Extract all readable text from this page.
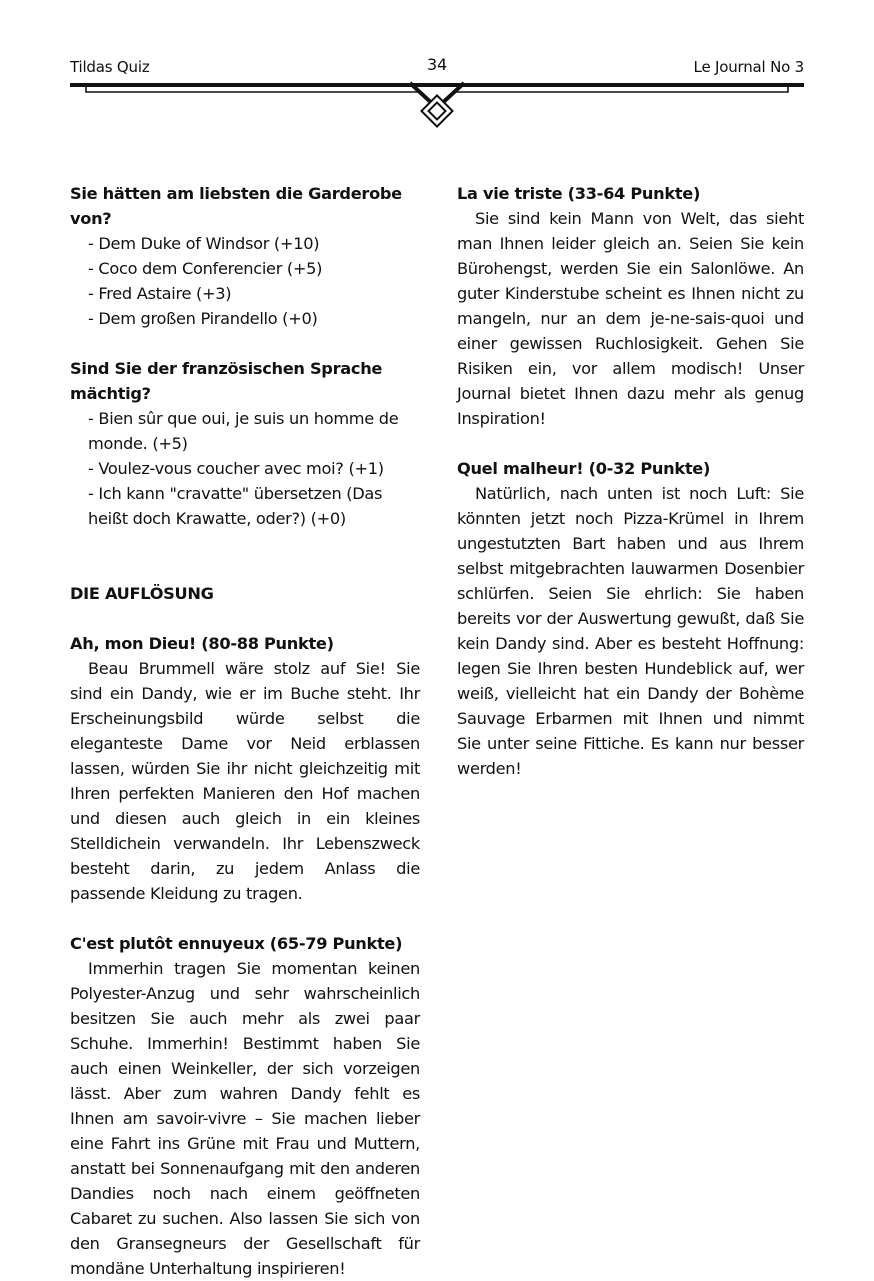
Tildas Quiz	34	Le Journal No 3

Sie hätten am liebsten die Garderobe von?

- Dem Duke of Windsor (+10)

- Coco dem Conferencier (+5)

- Fred Astaire (+3)

- Dem großen Pirandello (+0)

Sind Sie der französischen Sprache mächtig?

- Bien sûr que oui, je suis un homme de monde. (+5)

- Voulez-vous coucher avec moi? (+1)

- Ich kann "cravatte" übersetzen (Das heißt doch Krawatte, oder?) (+0)

DIE AUFLÖSUNG

Ah, mon Dieu! (80-88 Punkte)

Beau Brummell wäre stolz auf Sie! Sie sind ein Dandy, wie er im Buche steht. Ihr Erscheinungsbild würde selbst die eleganteste Dame vor Neid erblassen lassen, würden Sie ihr nicht gleichzeitig mit Ihren perfekten Manieren den Hof machen und diesen auch gleich in ein kleines Stelldichein verwandeln. Ihr Lebenszweck besteht darin, zu jedem Anlass die passende Kleidung zu tragen.

C'est plutôt ennuyeux (65-79 Punkte)

Immerhin tragen Sie momentan keinen Polyester-Anzug und sehr wahrscheinlich besitzen Sie auch mehr als zwei paar Schuhe. Immerhin! Bestimmt haben Sie auch einen Weinkeller, der sich vorzeigen lässt. Aber zum wahren Dandy fehlt es Ihnen am savoir-vivre – Sie machen lieber eine Fahrt ins Grüne mit Frau und Muttern, anstatt bei Sonnenaufgang mit den anderen Dandies noch nach einem geöffneten Cabaret zu suchen. Also lassen Sie sich von den Gransegneurs der Gesellschaft für mondäne Unterhaltung inspirieren!

La vie triste (33-64 Punkte)

Sie sind kein Mann von Welt, das sieht man Ihnen leider gleich an. Seien Sie kein Bürohengst, werden Sie ein Salonlöwe. An guter Kinderstube scheint es Ihnen nicht zu mangeln, nur an dem je-ne-sais-quoi und einer gewissen Ruchlosigkeit. Gehen Sie Risiken ein, vor allem modisch! Unser Journal bietet Ihnen dazu mehr als genug Inspiration!

Quel malheur! (0-32 Punkte)

Natürlich, nach unten ist noch Luft: Sie könnten jetzt noch Pizza-Krümel in Ihrem ungestutzten Bart haben und aus Ihrem selbst mitgebrachten lauwarmen Dosenbier schlürfen. Seien Sie ehrlich: Sie haben bereits vor der Auswertung gewußt, daß Sie kein Dandy sind. Aber es besteht Hoffnung: legen Sie Ihren besten Hundeblick auf, wer weiß, vielleicht hat ein Dandy der Bohème Sauvage Erbarmen mit Ihnen und nimmt Sie unter seine Fittiche. Es kann nur besser werden!
